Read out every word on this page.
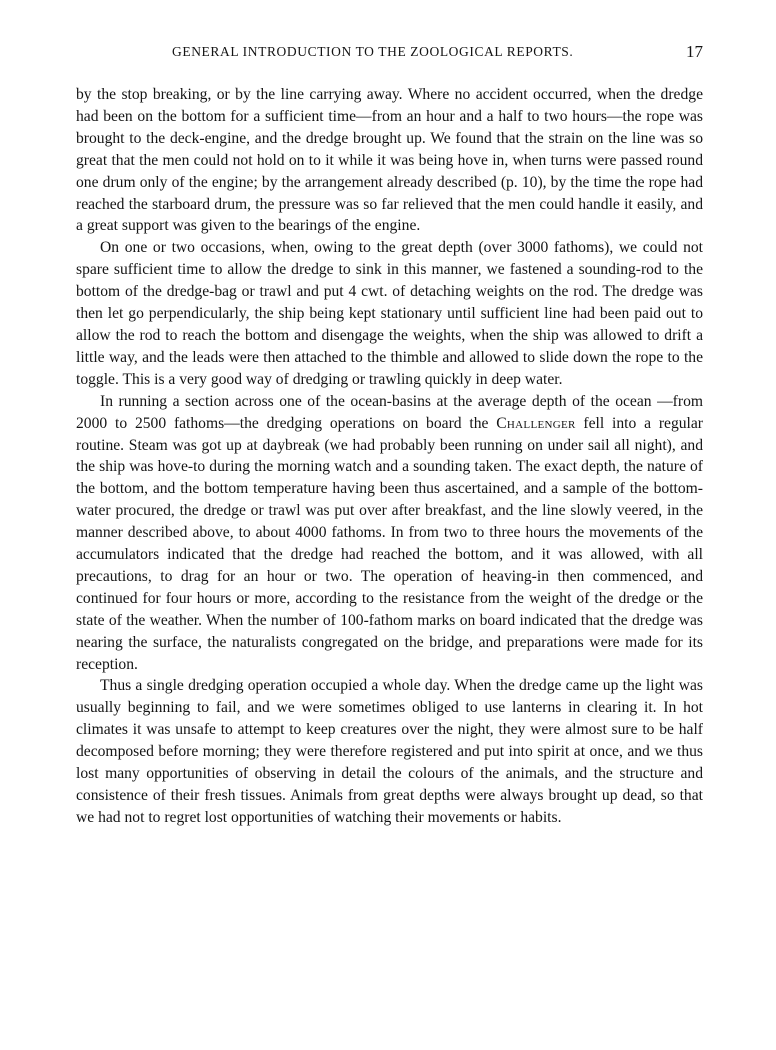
GENERAL INTRODUCTION TO THE ZOOLOGICAL REPORTS.	17

by the stop breaking, or by the line carrying away. Where no accident occurred, when the dredge had been on the bottom for a sufficient time—from an hour and a half to two hours—the rope was brought to the deck-engine, and the dredge brought up. We found that the strain on the line was so great that the men could not hold on to it while it was being hove in, when turns were passed round one drum only of the engine; by the arrangement already described (p. 10), by the time the rope had reached the starboard drum, the pressure was so far relieved that the men could handle it easily, and a great support was given to the bearings of the engine.

On one or two occasions, when, owing to the great depth (over 3000 fathoms), we could not spare sufficient time to allow the dredge to sink in this manner, we fastened a sounding-rod to the bottom of the dredge-bag or trawl and put 4 cwt. of detaching weights on the rod. The dredge was then let go perpendicularly, the ship being kept stationary until sufficient line had been paid out to allow the rod to reach the bottom and disengage the weights, when the ship was allowed to drift a little way, and the leads were then attached to the thimble and allowed to slide down the rope to the toggle. This is a very good way of dredging or trawling quickly in deep water.

In running a section across one of the ocean-basins at the average depth of the ocean —from 2000 to 2500 fathoms—the dredging operations on board the Challenger fell into a regular routine. Steam was got up at daybreak (we had probably been running on under sail all night), and the ship was hove-to during the morning watch and a sounding taken. The exact depth, the nature of the bottom, and the bottom temperature having been thus ascertained, and a sample of the bottom-water procured, the dredge or trawl was put over after breakfast, and the line slowly veered, in the manner described above, to about 4000 fathoms. In from two to three hours the movements of the accumulators indicated that the dredge had reached the bottom, and it was allowed, with all precautions, to drag for an hour or two. The operation of heaving-in then commenced, and continued for four hours or more, according to the resistance from the weight of the dredge or the state of the weather. When the number of 100-fathom marks on board indicated that the dredge was nearing the surface, the naturalists congregated on the bridge, and preparations were made for its reception.

Thus a single dredging operation occupied a whole day. When the dredge came up the light was usually beginning to fail, and we were sometimes obliged to use lanterns in clearing it. In hot climates it was unsafe to attempt to keep creatures over the night, they were almost sure to be half decomposed before morning; they were therefore registered and put into spirit at once, and we thus lost many opportunities of observing in detail the colours of the animals, and the structure and consistence of their fresh tissues. Animals from great depths were always brought up dead, so that we had not to regret lost opportunities of watching their movements or habits.
